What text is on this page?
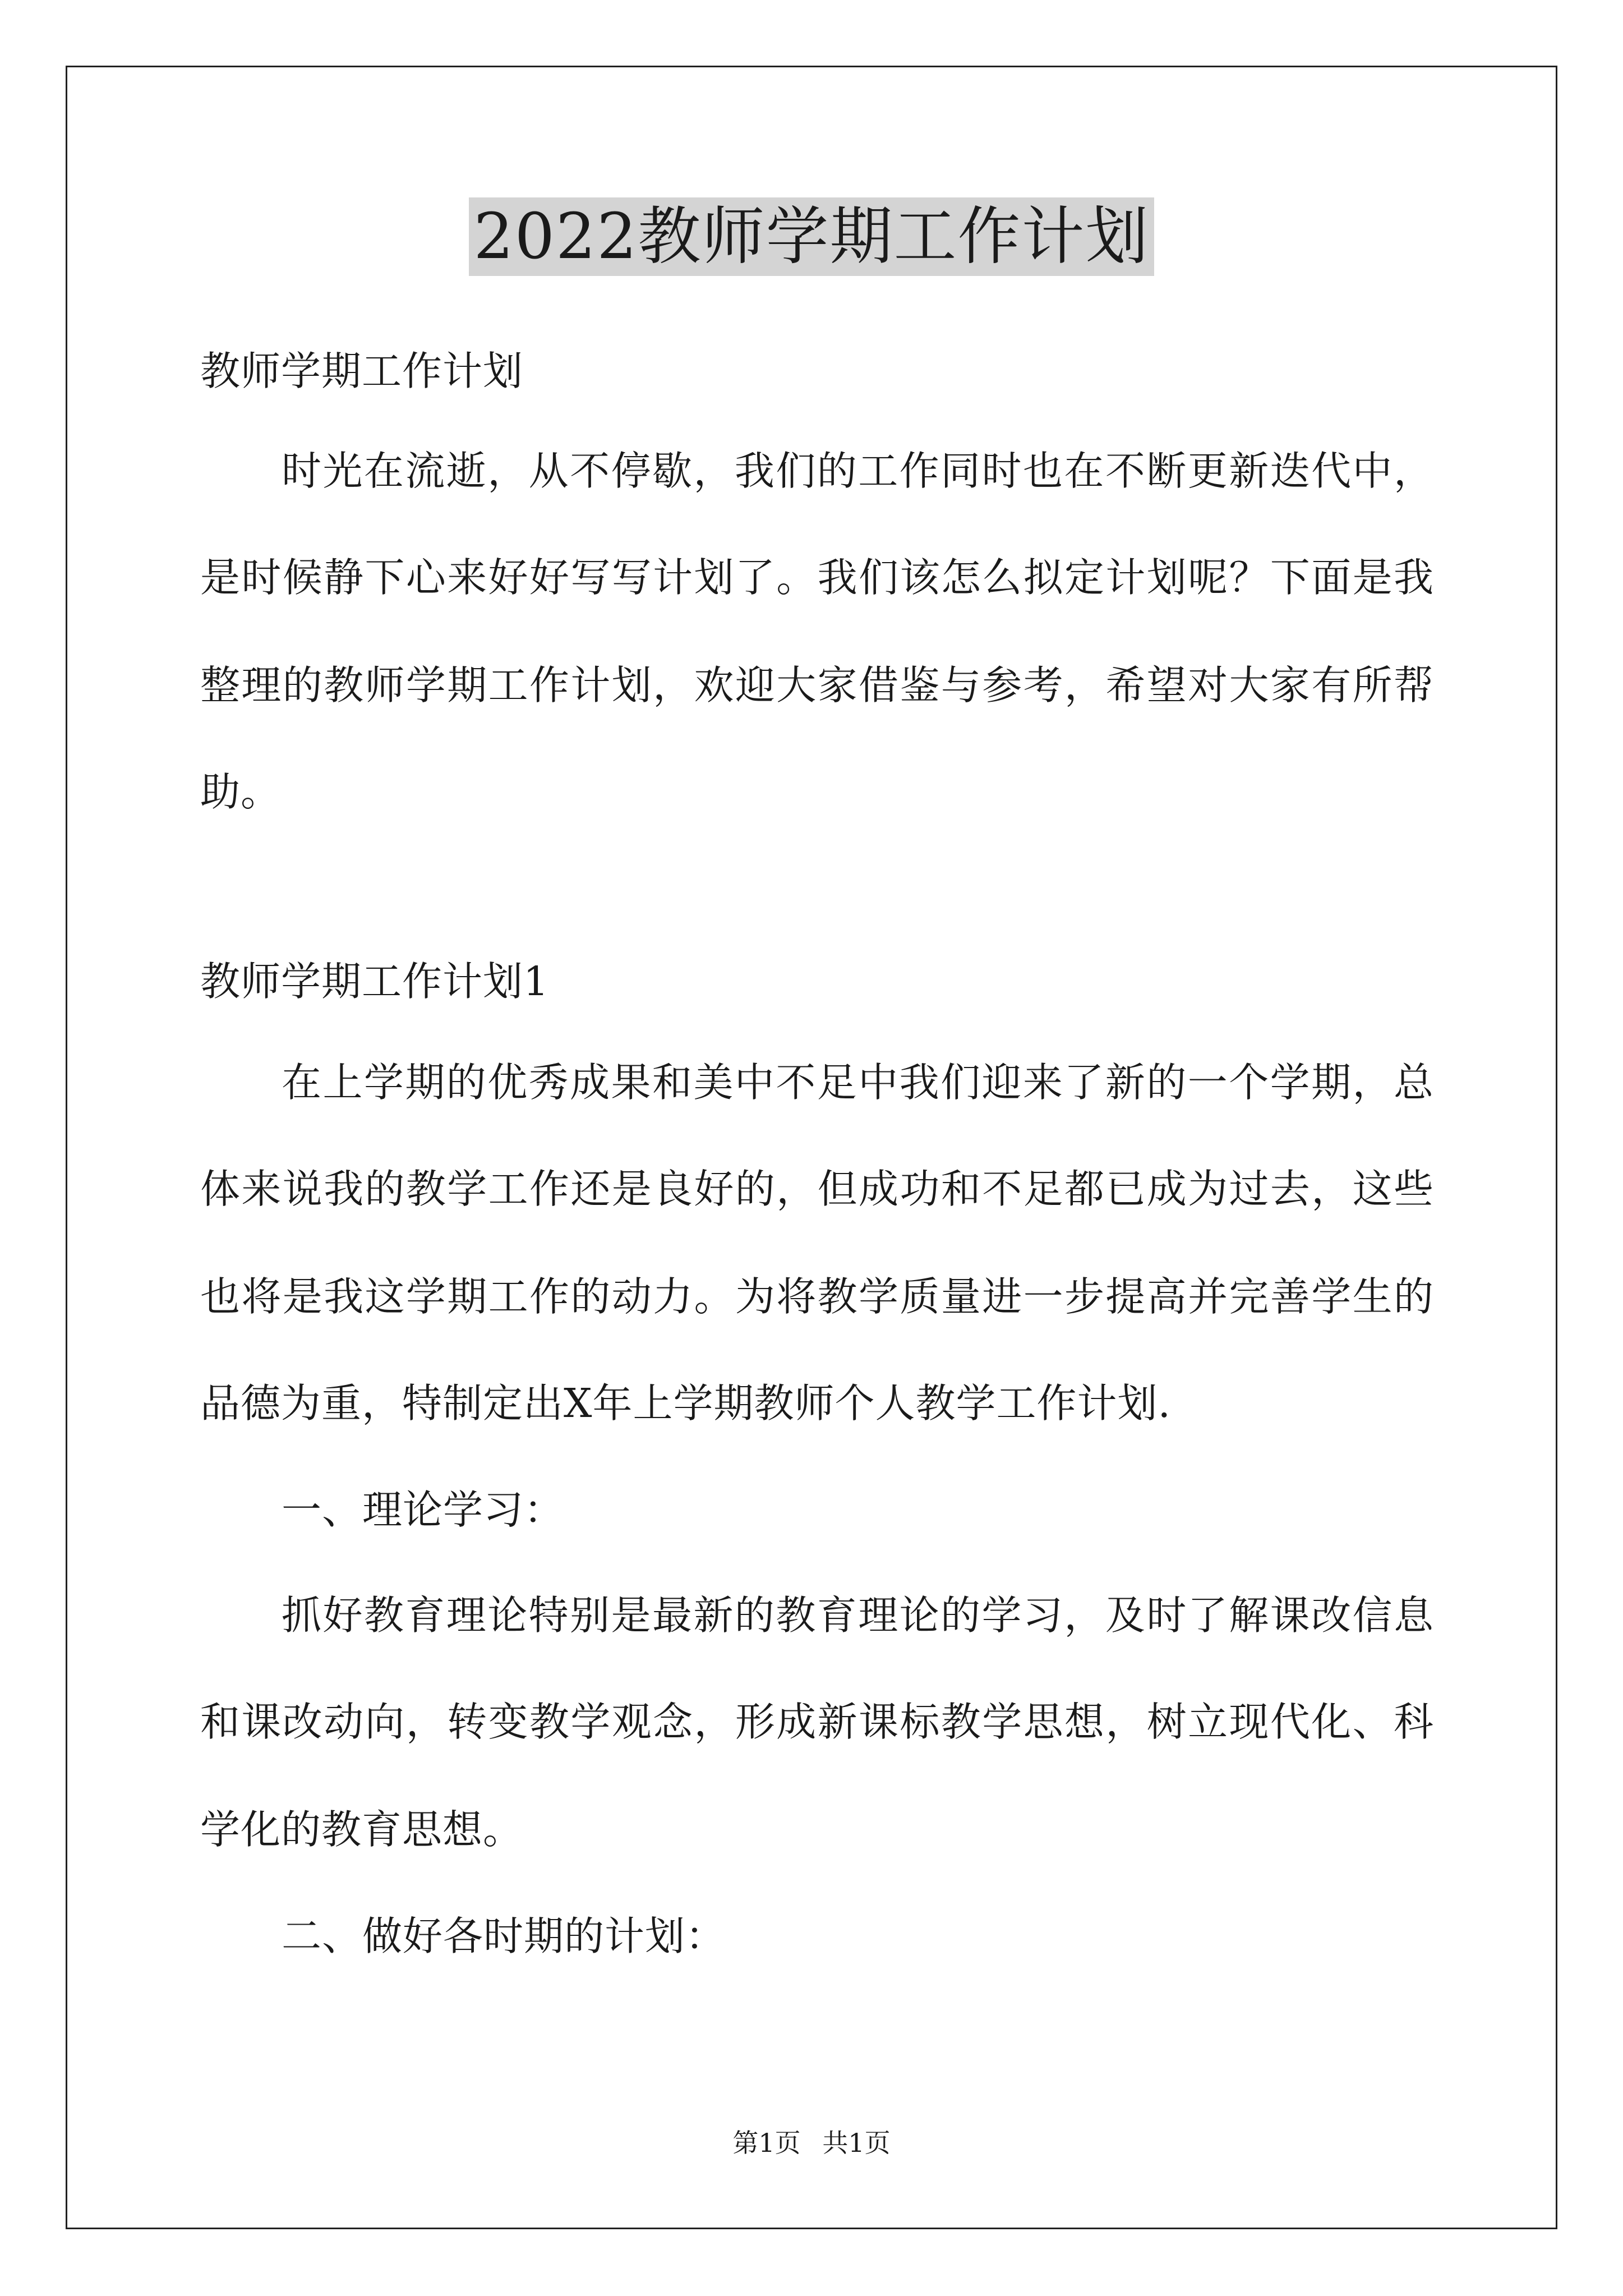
2022教师学期工作计划
教师学期工作计划
时光在流逝，从不停歇，我们的工作同时也在不断更新迭代中，
是时候静下心来好好写写计划了。我们该怎么拟定计划呢？下面是我
整理的教师学期工作计划，欢迎大家借鉴与参考，希望对大家有所帮
助。
教师学期工作计划1
在上学期的优秀成果和美中不足中我们迎来了新的一个学期，总
体来说我的教学工作还是良好的，但成功和不足都已成为过去，这些
也将是我这学期工作的动力。为将教学质量进一步提高并完善学生的
品德为重，特制定出X年上学期教师个人教学工作计划.
一、理论学习：
抓好教育理论特别是最新的教育理论的学习，及时了解课改信息
和课改动向，转变教学观念，形成新课标教学思想，树立现代化、科
学化的教育思想。
二、做好各时期的计划：
第1页 共1页
